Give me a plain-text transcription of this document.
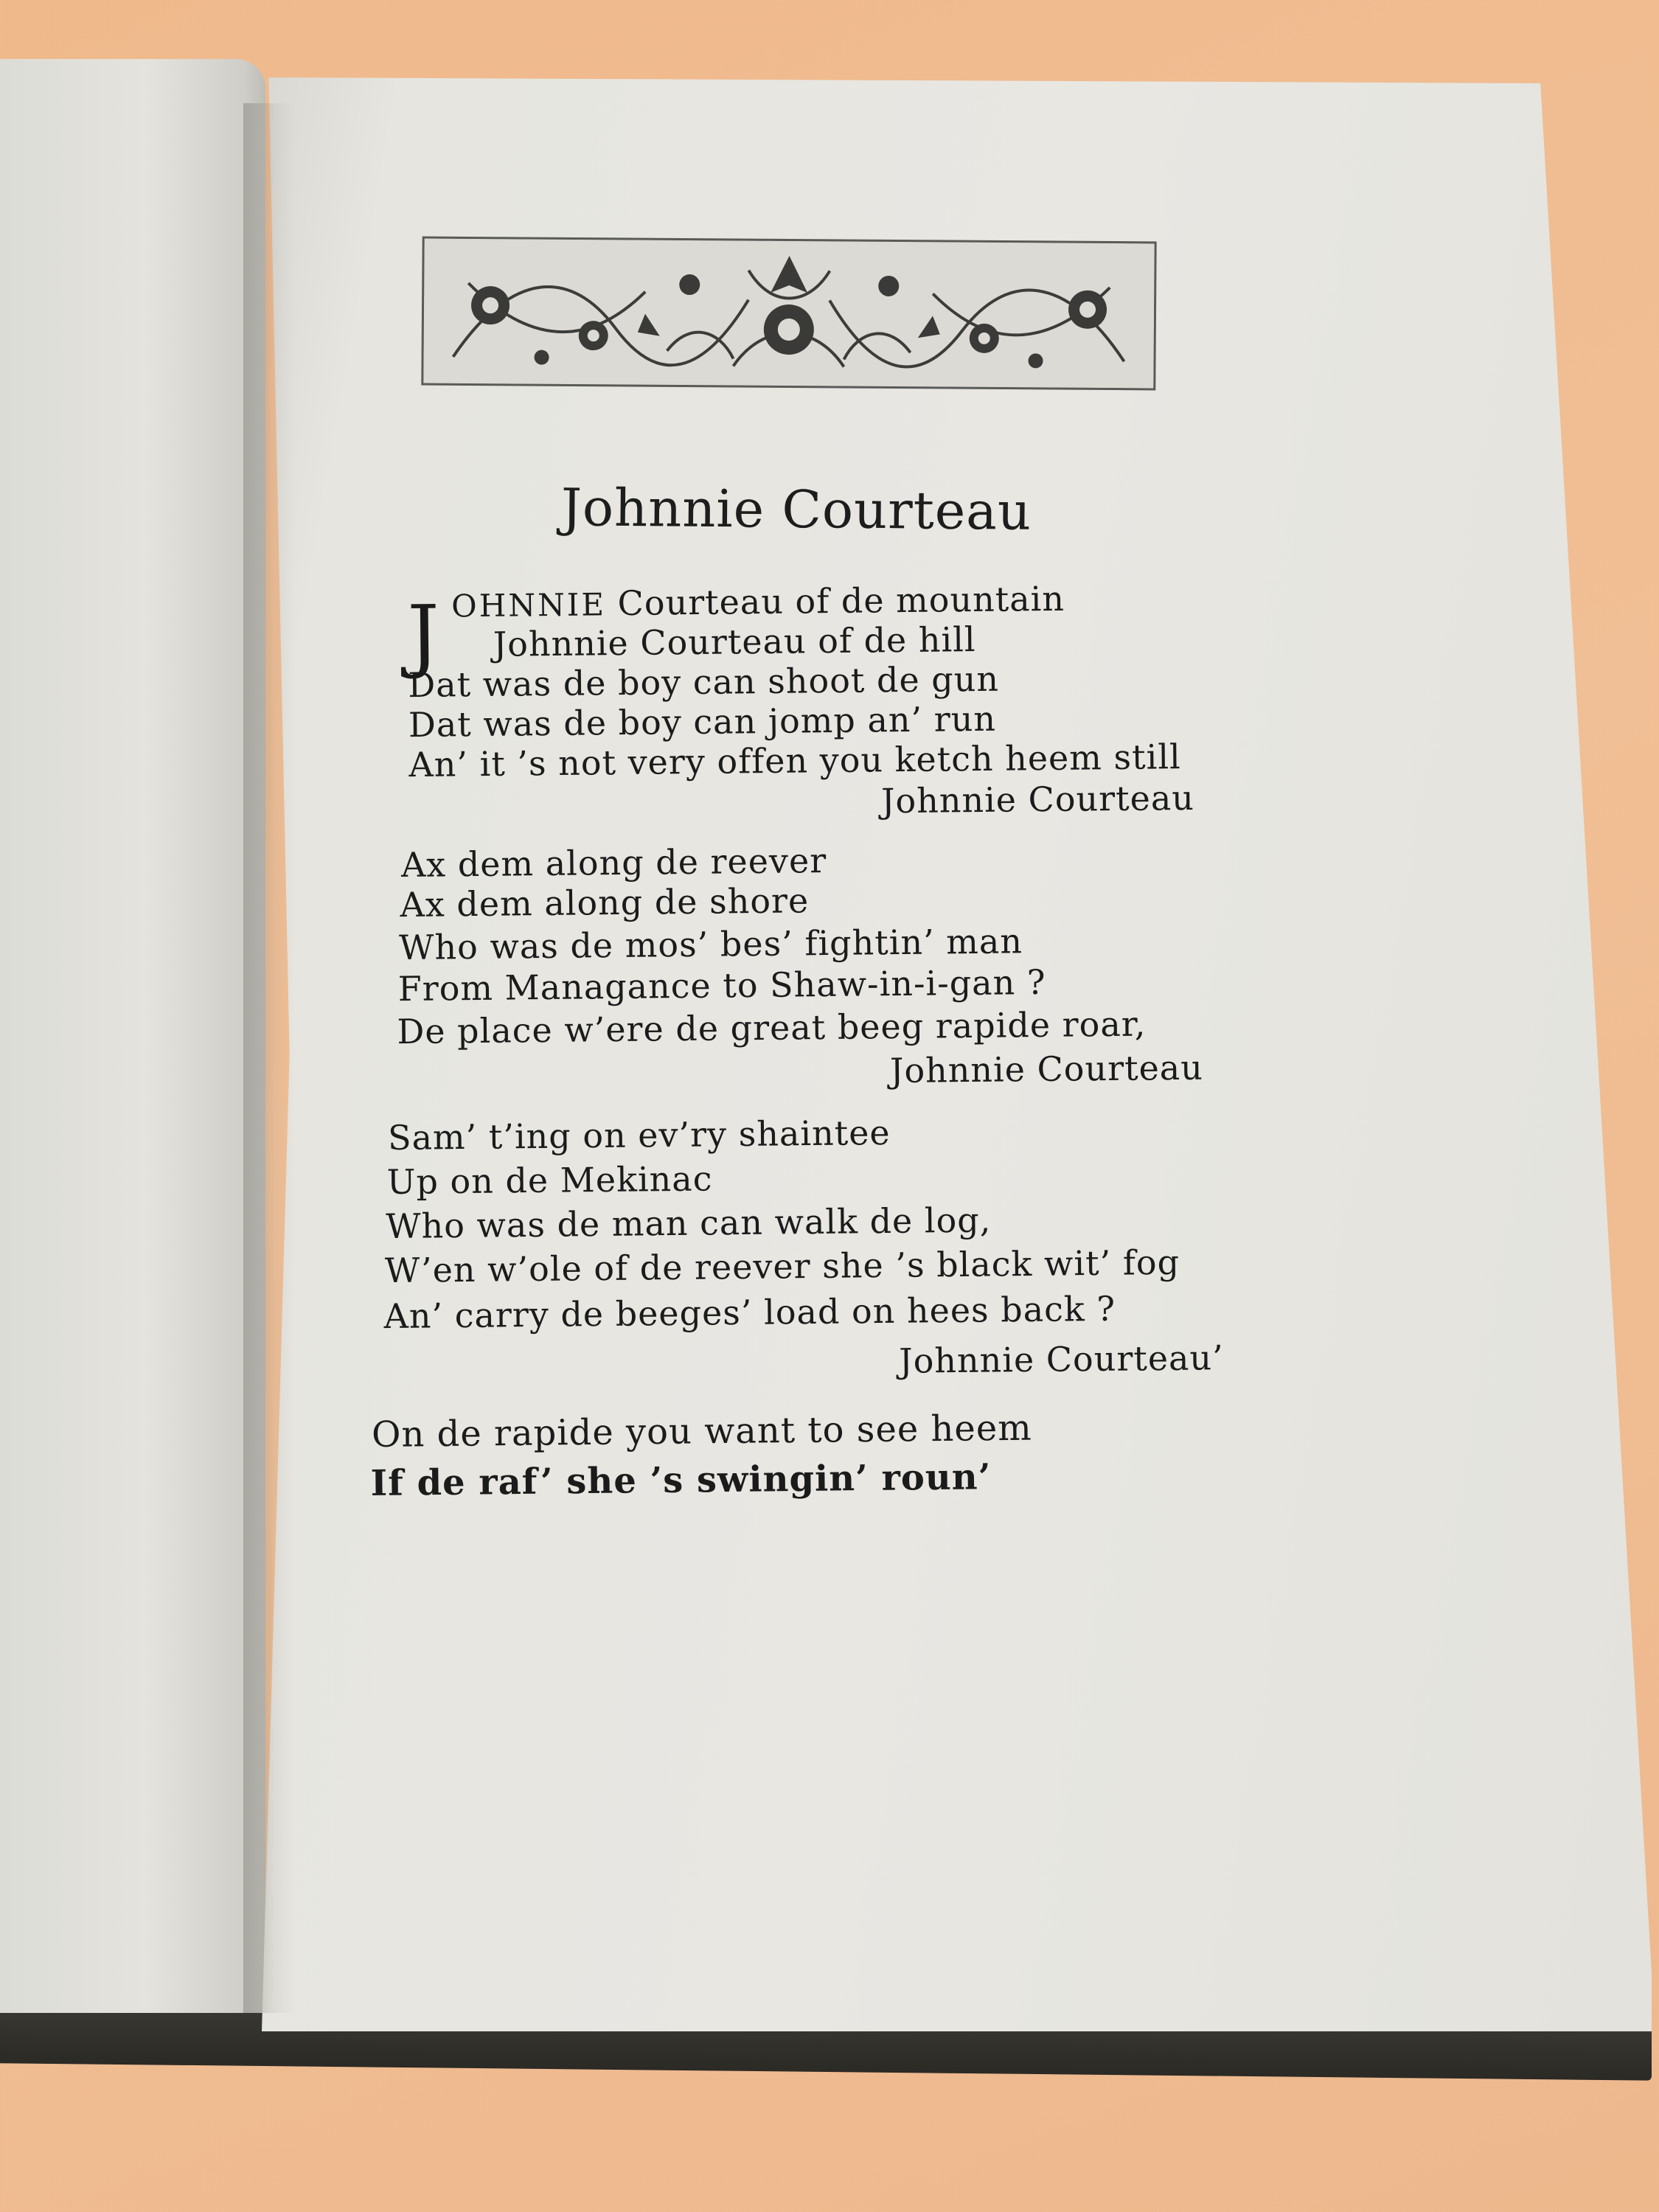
Johnnie Courteau
J OHNNIE Courteau of de mountain
Johnnie Courteau of de hill
Dat was de boy can shoot de gun
Dat was de boy can jomp an’ run
An’ it ’s not very offen you ketch heem still
Johnnie Courteau
Ax dem along de reever
Ax dem along de shore
Who was de mos’ bes’ fightin’ man
From Managance to Shaw-in-i-gan ?
De place w’ere de great beeg rapide roar,
Johnnie Courteau
Sam’ t’ing on ev’ry shaintee
Up on de Mekinac
Who was de man can walk de log,
W’en w’ole of de reever she ’s black wit’ fog
An’ carry de beeges’ load on hees back ?
Johnnie Courteau’
On de rapide you want to see heem
If de raf’ she ’s swingin’ roun’
